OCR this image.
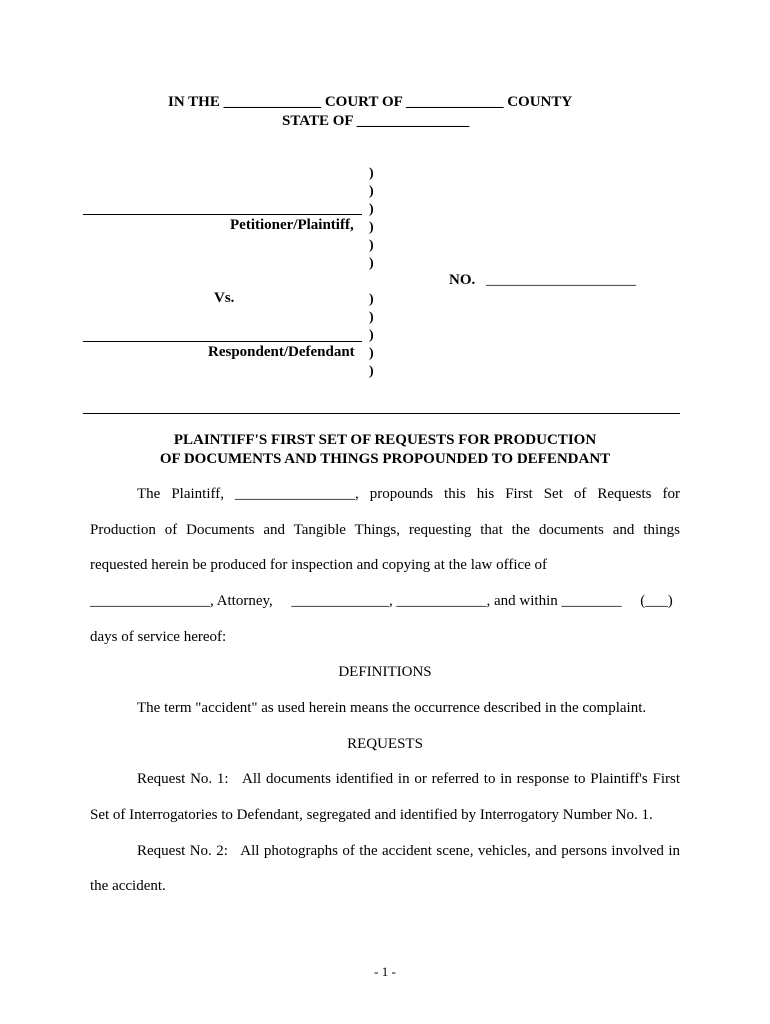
IN THE _____________ COURT OF _____________ COUNTY
STATE OF _______________
Petitioner/Plaintiff,
Vs.
Respondent/Defendant
)
)
)
)
)
)
)
)
)
)
)
NO. ____________________
PLAINTIFF'S FIRST SET OF REQUESTS FOR PRODUCTION
OF DOCUMENTS AND THINGS PROPOUNDED TO DEFENDANT
The Plaintiff, ________________, propounds this his First Set of Requests for
Production of Documents and Tangible Things, requesting that the documents and things
requested herein be produced for inspection and copying at the law office of
________________, Attorney,     _____________, ____________, and within ________     (___)
days of service hereof:
DEFINITIONS
The term "accident" as used herein means the occurrence described in the complaint.
REQUESTS
Request No. 1:   All documents identified in or referred to in response to Plaintiff's First
Set of Interrogatories to Defendant, segregated and identified by Interrogatory Number No. 1.
Request No. 2:   All photographs of the accident scene, vehicles, and persons involved in
the accident.
- 1 -
